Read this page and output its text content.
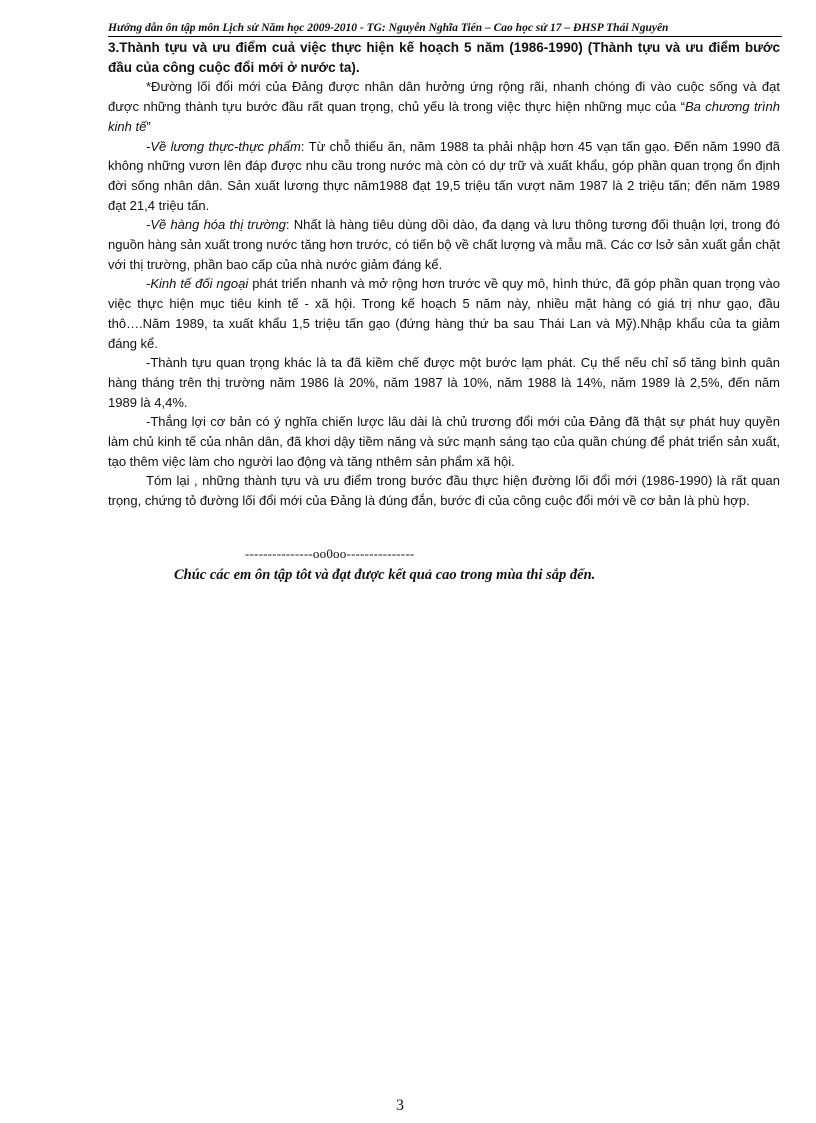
Hướng dẫn ôn tập môn Lịch sử Năm học 2009-2010 - TG: Nguyễn Nghĩa Tiến – Cao học sử 17 – ĐHSP Thái Nguyên

3.Thành tựu và ưu điểm cuả việc thực hiện kế hoạch 5 năm (1986-1990) (Thành tựu và ưu điểm bước đầu của công cuộc đổi mới ở nước ta).

*Đường lối đổi mới của Đảng được nhân dân hưởng ứng rộng rãi, nhanh chóng đi vào cuộc sống và đạt được những thành tựu bước đầu rất quan trọng, chủ yếu là trong việc thực hiện những mục của “Ba chương trình kinh tế”

-Về lương thực-thực phẩm: Từ chỗ thiếu ăn, năm 1988 ta phải nhập hơn 45 vạn tấn gạo. Đến năm 1990 đã không những vươn lên đáp được nhu cầu trong nước mà còn có dự trữ và xuất khẩu, góp phần quan trọng ổn định đời sống nhân dân. Sản xuất lương thực năm1988 đạt 19,5 triệu tấn vượt năm 1987 là 2 triệu tấn; đến năm 1989 đạt 21,4 triệu tấn.

-Về hàng hóa thị trường: Nhất là hàng tiêu dùng dồi dào, đa dạng và lưu thông tương đối thuận lợi, trong đó nguồn hàng sản xuất trong nước tăng hơn trước, có tiến bộ về chất lượng và mẫu mã. Các cơ lsở sản xuất gắn chặt với thị trường, phần bao cấp của nhà nước giảm đáng kể.

-Kinh tế đối ngoại phát triển nhanh và mở rộng hơn trước về quy mô, hình thức, đã góp phần quan trọng vào việc thực hiện mục tiêu kinh tế - xã hội. Trong kế hoạch 5 năm này, nhiều mặt hàng có giá trị như gạo, đầu thô….Năm 1989, ta xuất khẩu 1,5 triệu tấn gạo (đứng hàng thứ ba sau Thái Lan và Mỹ).Nhập khẩu của ta giảm đáng kể.

-Thành tựu quan trọng khác là ta đã kiềm chế được một bước lạm phát. Cụ thể nếu chỉ số tăng bình quân hàng tháng trên thị trường năm 1986 là 20%, năm 1987 là 10%, năm 1988 là 14%, năm 1989 là 2,5%, đến năm 1989 là 4,4%.

-Thắng lợi cơ bản có ý nghĩa chiến lược lâu dài là chủ trương đổi mới của Đảng đã thật sự phát huy quyền làm chủ kinh tế của nhân dân, đã khơi dậy tiềm năng và sức mạnh sáng tạo của quần chúng để phát triển sản xuất, tạo thêm việc làm cho người lao động và tăng nthêm sản phẩm xã hội.

Tóm lại , những thành tựu và ưu điểm trong bước đầu thực hiện đường lối đổi mới (1986-1990) là rất quan trọng, chứng tỏ đường lối đổi mới của Đảng là đúng đắn, bước đi của công cuộc đổi mới về cơ bản là phù hợp.

---------------oo0oo---------------
Chúc các em ôn tập tôt và đạt được kết quả cao trong mùa thi sắp đến.
3
